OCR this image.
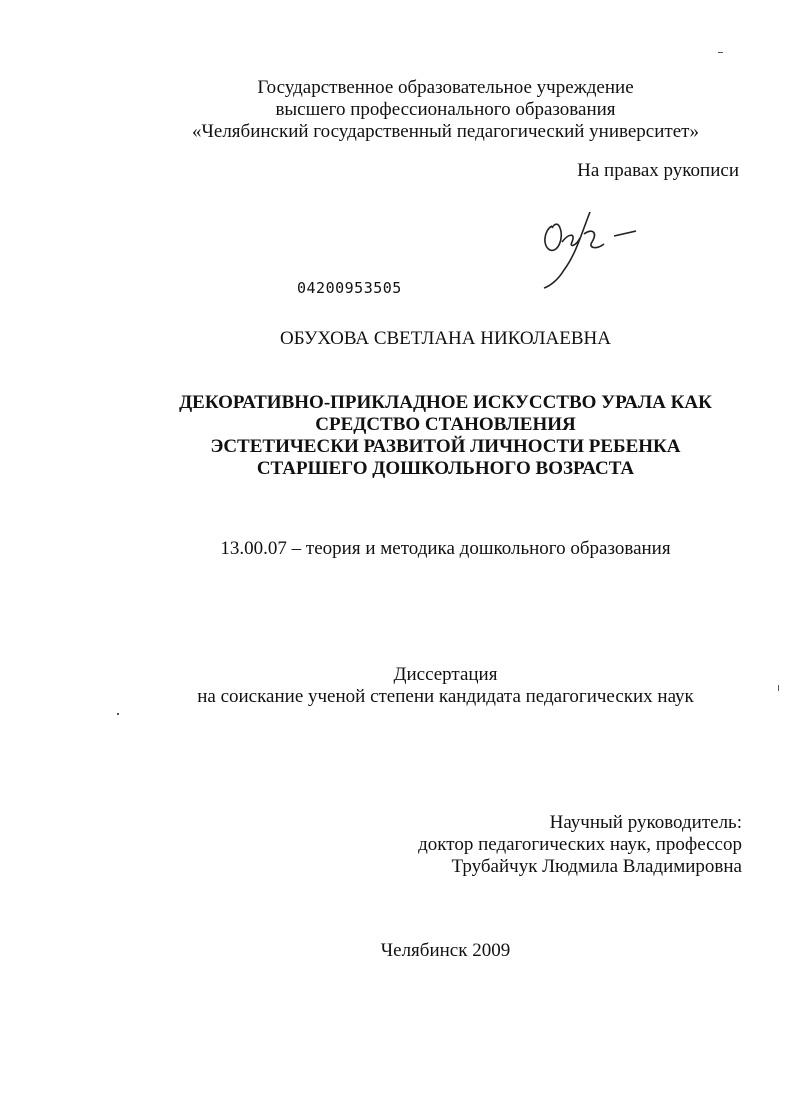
Государственное образовательное учреждение
высшего профессионального образования
«Челябинский государственный педагогический университет»
На правах рукописи
04200953505
ОБУХОВА СВЕТЛАНА НИКОЛАЕВНА
ДЕКОРАТИВНО-ПРИКЛАДНОЕ ИСКУССТВО УРАЛА КАК
СРЕДСТВО СТАНОВЛЕНИЯ
ЭСТЕТИЧЕСКИ РАЗВИТОЙ ЛИЧНОСТИ РЕБЕНКА
СТАРШЕГО ДОШКОЛЬНОГО ВОЗРАСТА
13.00.07 – теория и методика дошкольного образования
Диссертация
на соискание ученой степени кандидата педагогических наук
Научный руководитель:
доктор педагогических наук, профессор
Трубайчук Людмила Владимировна
Челябинск 2009
